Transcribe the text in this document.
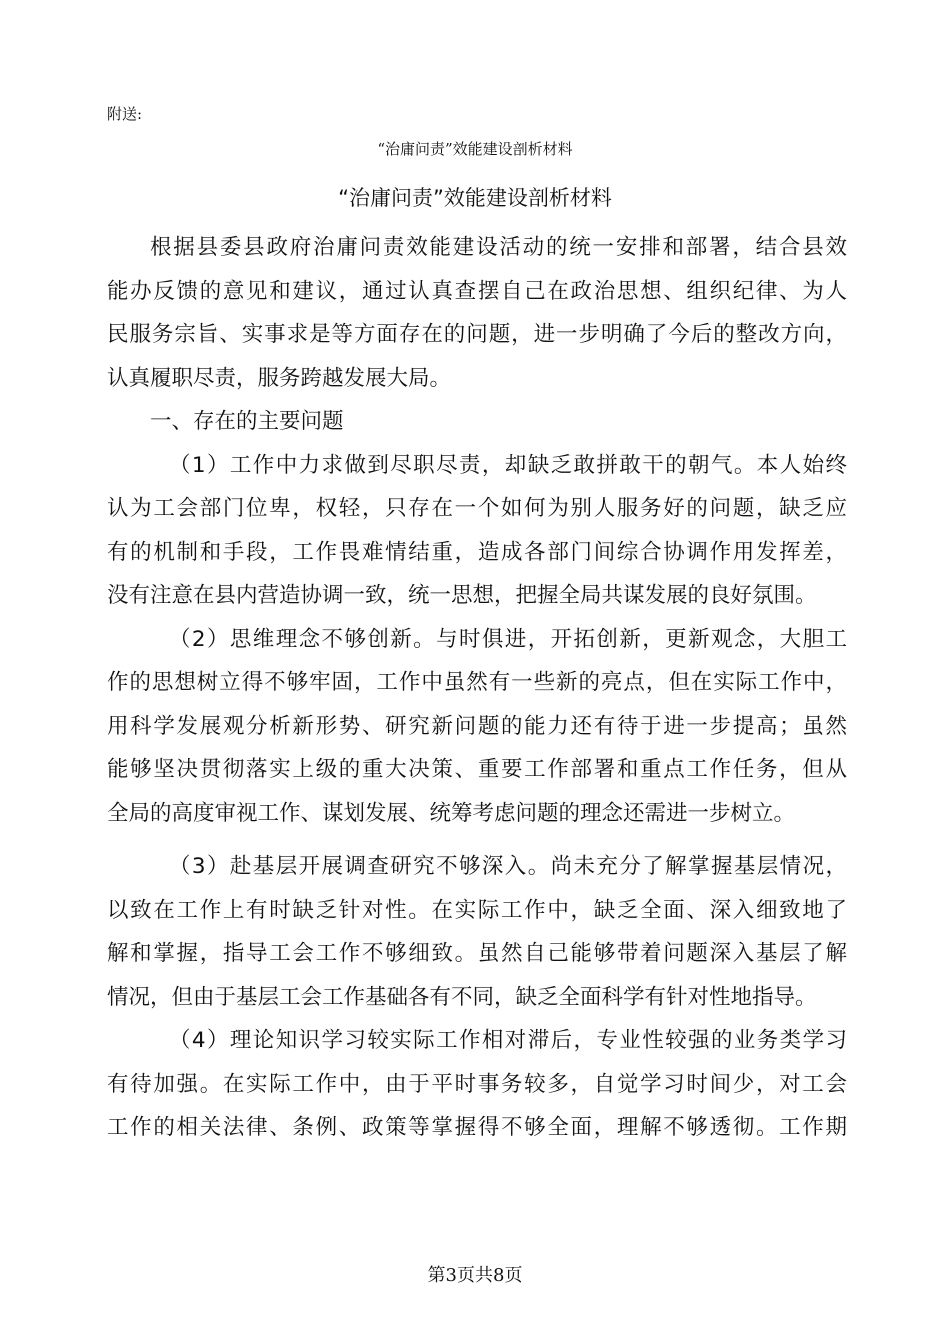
附送:
“治庸问责”效能建设剖析材料
“治庸问责”效能建设剖析材料
根据县委县政府治庸问责效能建设活动的统一安排和部署，结合县效
能办反馈的意见和建议，通过认真查摆自己在政治思想、组织纪律、为人
民服务宗旨、实事求是等方面存在的问题，进一步明确了今后的整改方向，
认真履职尽责，服务跨越发展大局。
一、存在的主要问题
（1）工作中力求做到尽职尽责，却缺乏敢拼敢干的朝气。本人始终
认为工会部门位卑，权轻，只存在一个如何为别人服务好的问题，缺乏应
有的机制和手段，工作畏难情结重，造成各部门间综合协调作用发挥差，
没有注意在县内营造协调一致，统一思想，把握全局共谋发展的良好氛围。
（2）思维理念不够创新。与时俱进，开拓创新，更新观念，大胆工
作的思想树立得不够牢固，工作中虽然有一些新的亮点，但在实际工作中，
用科学发展观分析新形势、研究新问题的能力还有待于进一步提高；虽然
能够坚决贯彻落实上级的重大决策、重要工作部署和重点工作任务，但从
全局的高度审视工作、谋划发展、统筹考虑问题的理念还需进一步树立。
（3）赴基层开展调查研究不够深入。尚未充分了解掌握基层情况，
以致在工作上有时缺乏针对性。在实际工作中，缺乏全面、深入细致地了
解和掌握，指导工会工作不够细致。虽然自己能够带着问题深入基层了解
情况，但由于基层工会工作基础各有不同，缺乏全面科学有针对性地指导。
（4）理论知识学习较实际工作相对滞后，专业性较强的业务类学习
有待加强。在实际工作中，由于平时事务较多，自觉学习时间少，对工会
工作的相关法律、条例、政策等掌握得不够全面，理解不够透彻。工作期
第3页共8页
